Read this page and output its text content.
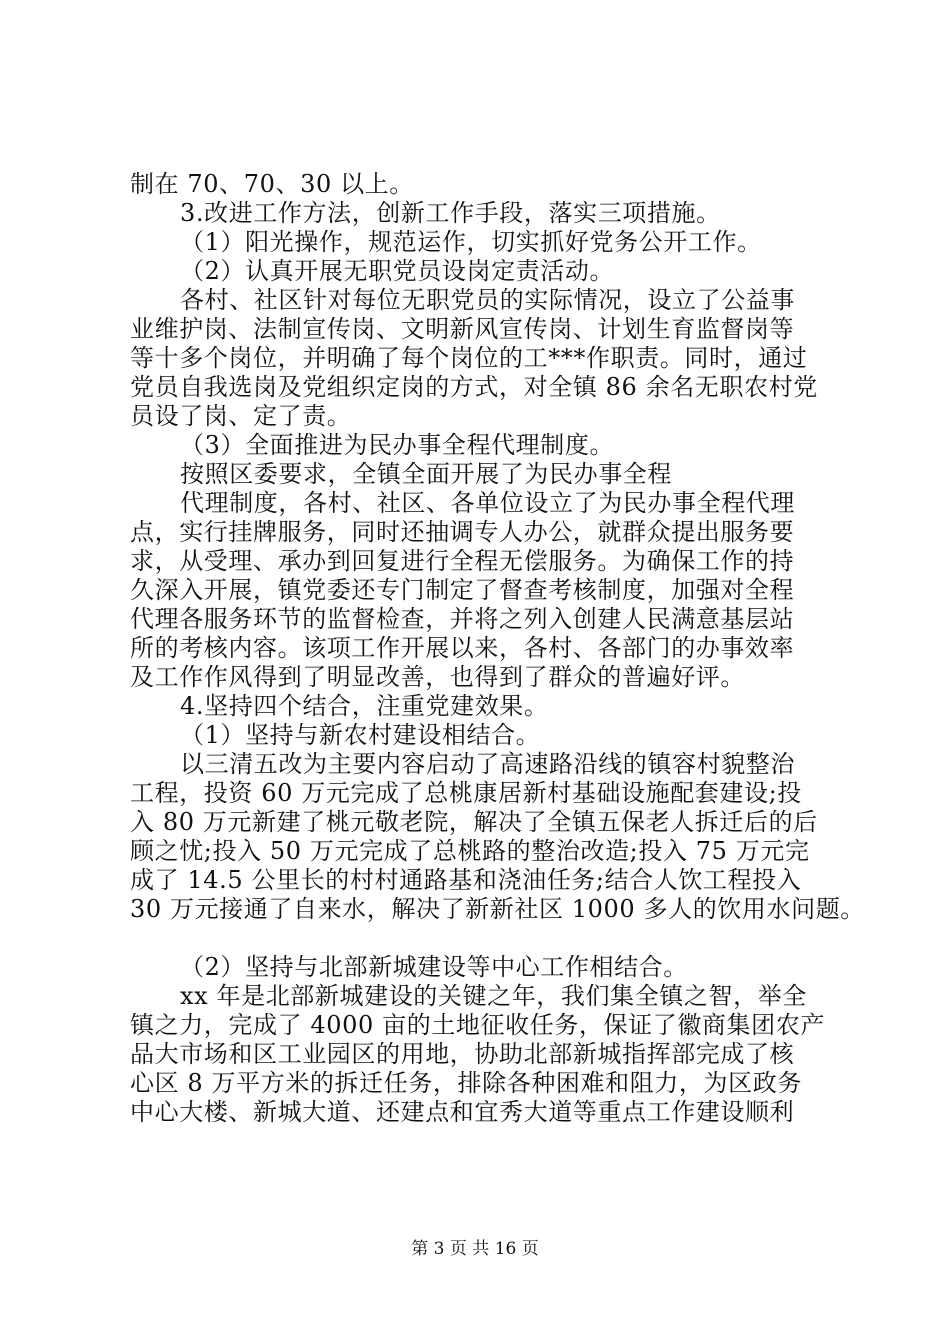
制在 70、70、30 以上。
3.改进工作方法，创新工作手段，落实三项措施。
（1）阳光操作，规范运作，切实抓好党务公开工作。
（2）认真开展无职党员设岗定责活动。
各村、社区针对每位无职党员的实际情况，设立了公益事
业维护岗、法制宣传岗、文明新风宣传岗、计划生育监督岗等
等十多个岗位，并明确了每个岗位的工***作职责。同时，通过
党员自我选岗及党组织定岗的方式，对全镇 86 余名无职农村党
员设了岗、定了责。
（3）全面推进为民办事全程代理制度。
按照区委要求，全镇全面开展了为民办事全程
代理制度，各村、社区、各单位设立了为民办事全程代理
点，实行挂牌服务，同时还抽调专人办公，就群众提出服务要
求，从受理、承办到回复进行全程无偿服务。为确保工作的持
久深入开展，镇党委还专门制定了督查考核制度，加强对全程
代理各服务环节的监督检查，并将之列入创建人民满意基层站
所的考核内容。该项工作开展以来，各村、各部门的办事效率
及工作作风得到了明显改善，也得到了群众的普遍好评。
4.坚持四个结合，注重党建效果。
（1）坚持与新农村建设相结合。
以三清五改为主要内容启动了高速路沿线的镇容村貌整治
工程，投资 60 万元完成了总桃康居新村基础设施配套建设;投
入 80 万元新建了桃元敬老院，解决了全镇五保老人拆迁后的后
顾之忧;投入 50 万元完成了总桃路的整治改造;投入 75 万元完
成了 14.5 公里长的村村通路基和浇油任务;结合人饮工程投入
30 万元接通了自来水，解决了新新社区 1000 多人的饮用水问题。
（2）坚持与北部新城建设等中心工作相结合。
xx 年是北部新城建设的关键之年，我们集全镇之智，举全
镇之力，完成了 4000 亩的土地征收任务，保证了徽商集团农产
品大市场和区工业园区的用地，协助北部新城指挥部完成了核
心区 8 万平方米的拆迁任务，排除各种困难和阻力，为区政务
中心大楼、新城大道、还建点和宜秀大道等重点工作建设顺利
第 3 页 共 16 页
